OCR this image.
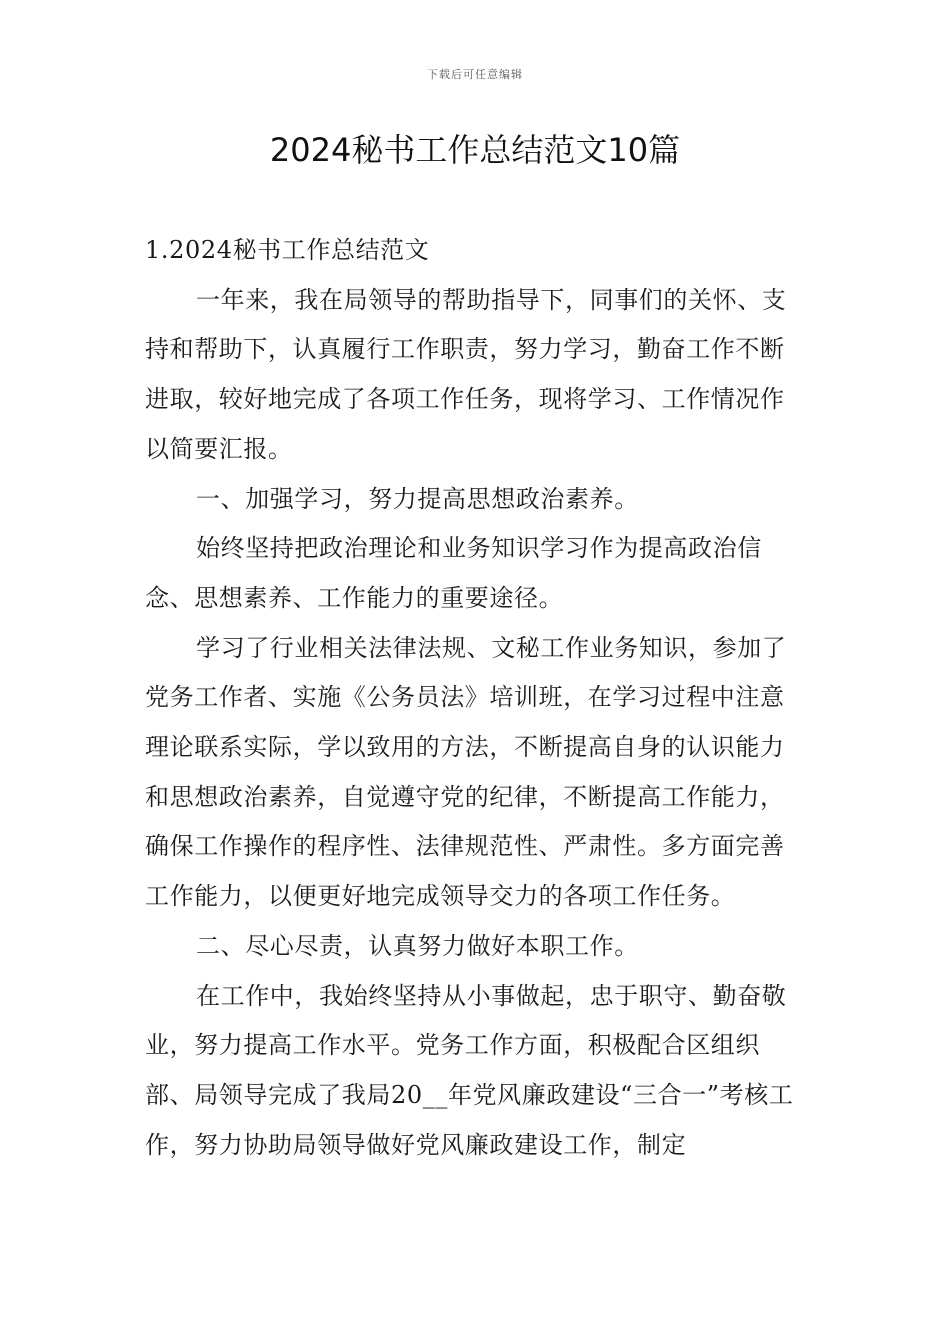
下载后可任意编辑
2024秘书工作总结范文10篇

1.2024秘书工作总结范文

一年来，我在局领导的帮助指导下，同事们的关怀、支持和帮助下，认真履行工作职责，努力学习，勤奋工作不断进取，较好地完成了各项工作任务，现将学习、工作情况作以简要汇报。

一、加强学习，努力提高思想政治素养。

始终坚持把政治理论和业务知识学习作为提高政治信念、思想素养、工作能力的重要途径。

学习了行业相关法律法规、文秘工作业务知识，参加了党务工作者、实施《公务员法》培训班，在学习过程中注意理论联系实际，学以致用的方法，不断提高自身的认识能力和思想政治素养，自觉遵守党的纪律，不断提高工作能力，确保工作操作的程序性、法律规范性、严肃性。多方面完善工作能力，以便更好地完成领导交力的各项工作任务。

二、尽心尽责，认真努力做好本职工作。

在工作中，我始终坚持从小事做起，忠于职守、勤奋敬业，努力提高工作水平。党务工作方面，积极配合区组织部、局领导完成了我局20__年党风廉政建设“三合一”考核工作，努力协助局领导做好党风廉政建设工作，制定
